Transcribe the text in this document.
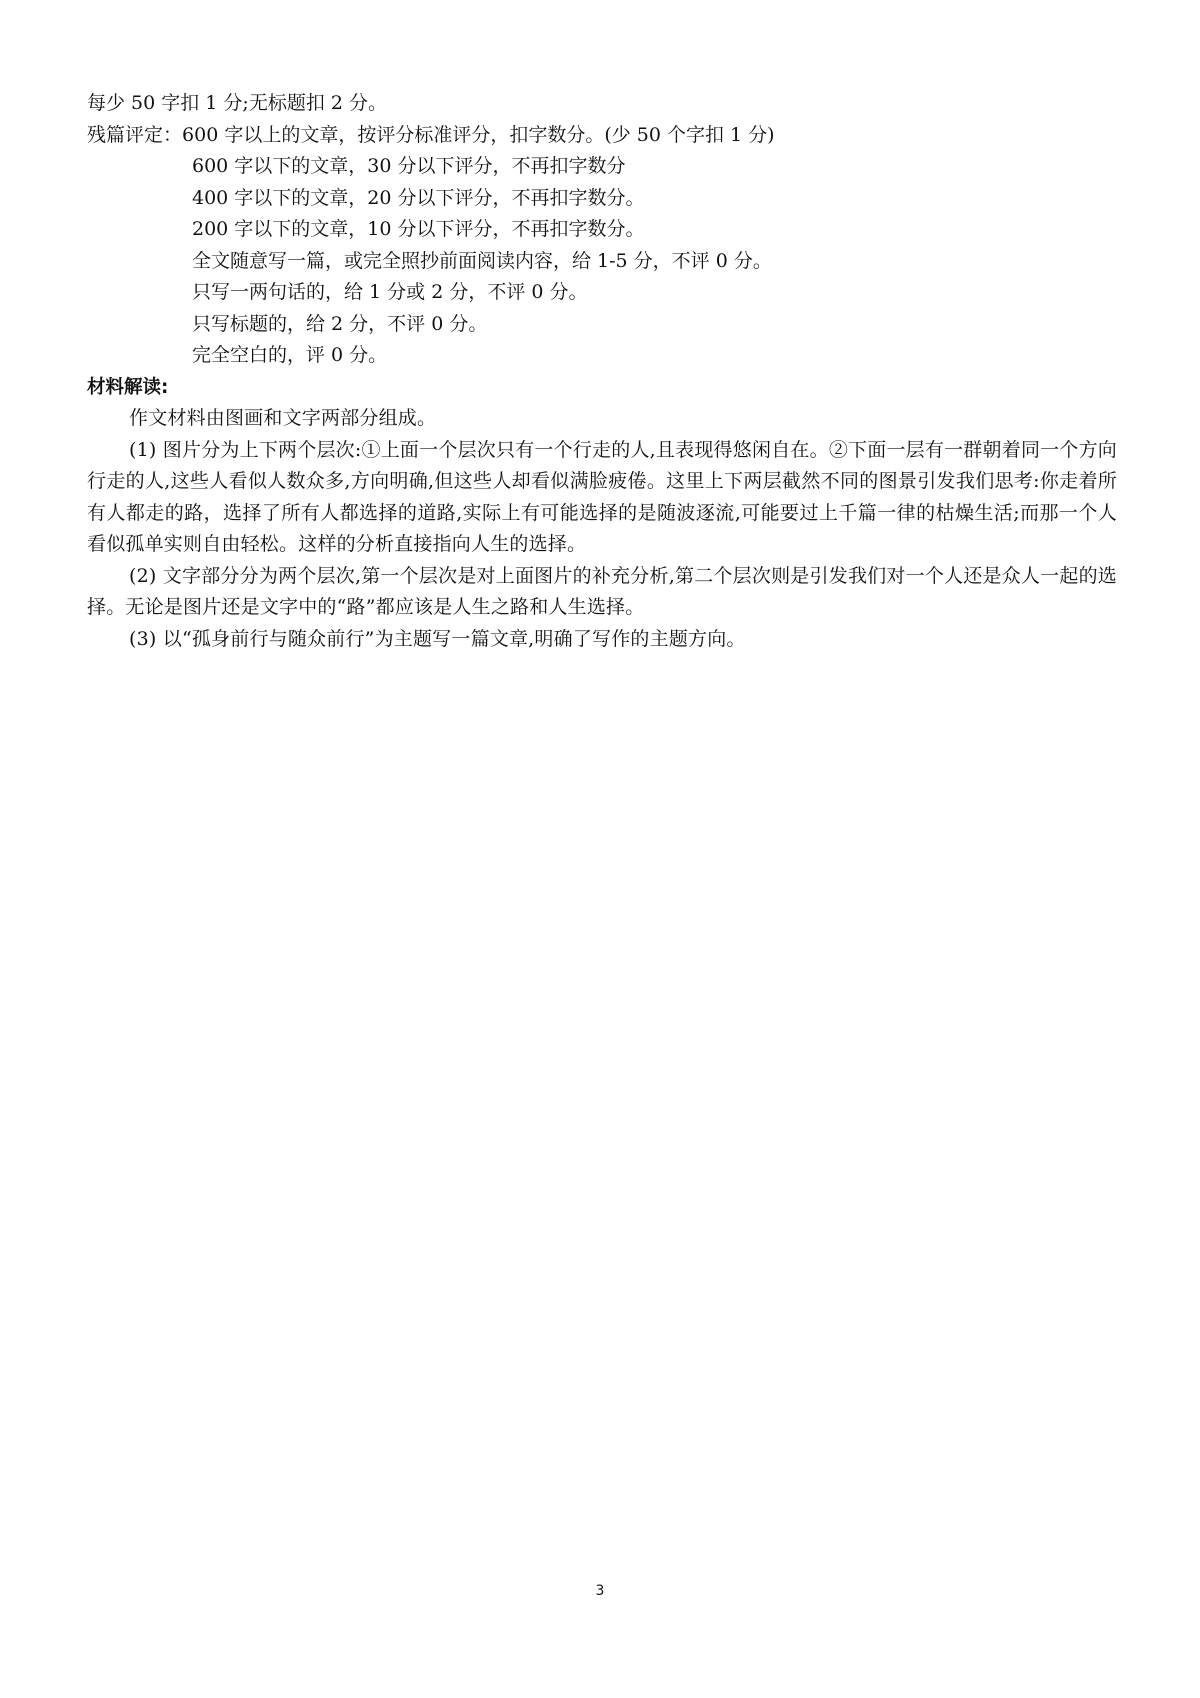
每少 50 字扣 1 分;无标题扣 2 分。

残篇评定：600 字以上的文章，按评分标准评分，扣字数分。(少 50 个字扣 1 分)

600 字以下的文章，30 分以下评分，不再扣字数分

400 字以下的文章，20 分以下评分，不再扣字数分。

200 字以下的文章，10 分以下评分，不再扣字数分。

全文随意写一篇，或完全照抄前面阅读内容，给 1-5 分，不评 0 分。

只写一两句话的，给 1 分或 2 分，不评 0 分。

只写标题的，给 2 分，不评 0 分。

完全空白的，评 0 分。

材料解读:

作文材料由图画和文字两部分组成。

(1) 图片分为上下两个层次:①上面一个层次只有一个行走的人,且表现得悠闲自在。②下面一层有一群朝着同一个方向行走的人,这些人看似人数众多,方向明确,但这些人却看似满脸疲倦。这里上下两层截然不同的图景引发我们思考:你走着所有人都走的路，选择了所有人都选择的道路,实际上有可能选择的是随波逐流,可能要过上千篇一律的枯燥生活;而那一个人看似孤单实则自由轻松。这样的分析直接指向人生的选择。

(2) 文字部分分为两个层次,第一个层次是对上面图片的补充分析,第二个层次则是引发我们对一个人还是众人一起的选择。无论是图片还是文字中的“路”都应该是人生之路和人生选择。

(3) 以“孤身前行与随众前行”为主题写一篇文章,明确了写作的主题方向。

3
